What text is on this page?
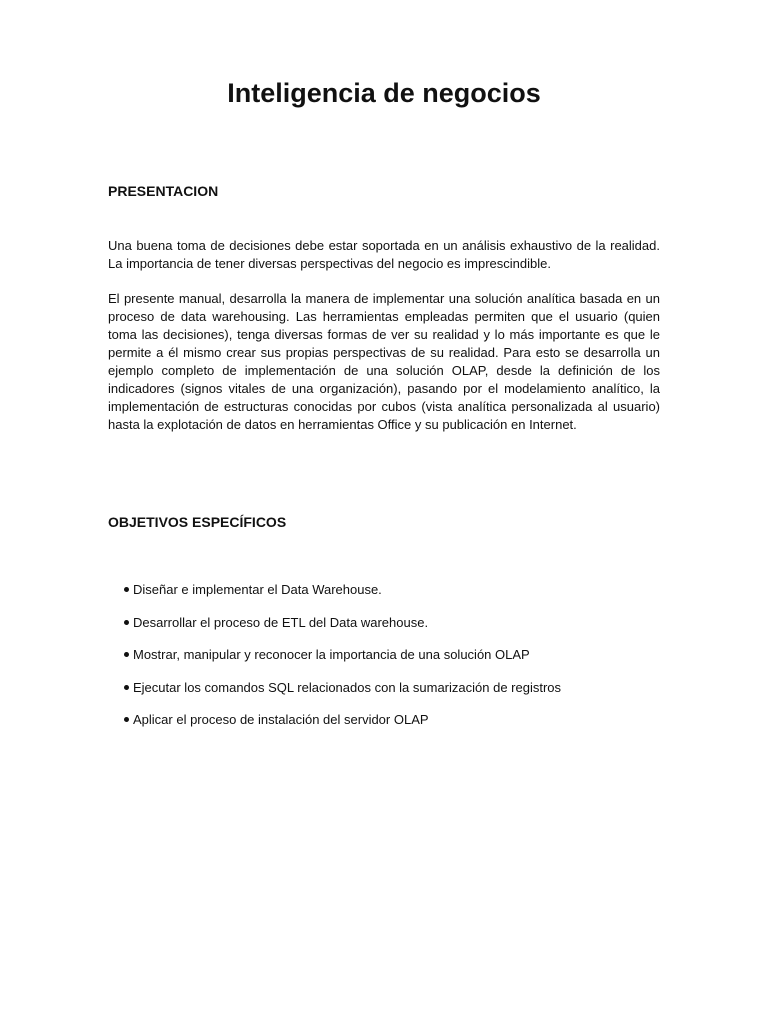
Inteligencia de negocios
PRESENTACION

Una buena toma de decisiones debe estar soportada en un análisis exhaustivo de la realidad. La importancia de tener diversas perspectivas del negocio es imprescindible.

El presente manual, desarrolla la manera de implementar una solución analítica basada en un proceso de data warehousing. Las herramientas empleadas permiten que el usuario (quien toma las decisiones), tenga diversas formas de ver su realidad y lo más importante es que le permite a él mismo crear sus propias perspectivas de su realidad. Para esto se desarrolla un ejemplo completo de implementación de una solución OLAP, desde la definición de los indicadores (signos vitales de una organización), pasando por el modelamiento analítico, la implementación de estructuras conocidas por cubos (vista analítica personalizada al usuario) hasta la explotación de datos en herramientas Office y su publicación en Internet.

OBJETIVOS ESPECÍFICOS
Diseñar e implementar el Data Warehouse.
Desarrollar el proceso de ETL del Data warehouse.
Mostrar, manipular y reconocer la importancia de una solución OLAP
Ejecutar los comandos SQL relacionados con la sumarización de registros
Aplicar el proceso de instalación del servidor OLAP
